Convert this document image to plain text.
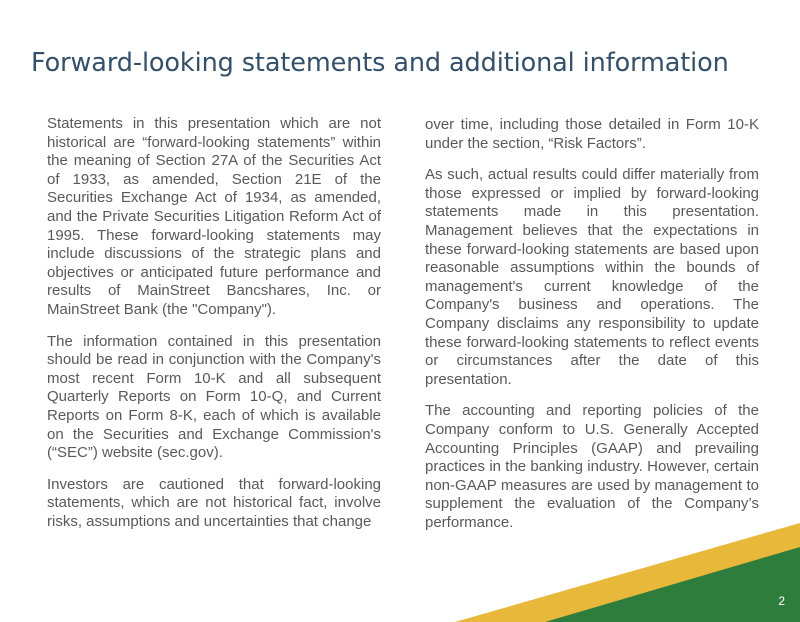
Forward-looking statements and additional information

Statements in this presentation which are not historical are “forward-looking statements” within the meaning of Section 27A of the Securities Act of 1933, as amended, Section 21E of the Securities Exchange Act of 1934, as amended, and the Private Securities Litigation Reform Act of 1995. These forward-looking statements may include discussions of the strategic plans and objectives or anticipated future performance and results of MainStreet Bancshares, Inc. or MainStreet Bank (the "Company").

The information contained in this presentation should be read in conjunction with the Company's most recent Form 10-K and all subsequent Quarterly Reports on Form 10-Q, and Current Reports on Form 8-K, each of which is available on the Securities and Exchange Commission's (“SEC”) website (sec.gov).

Investors are cautioned that forward-looking statements, which are not historical fact, involve risks, assumptions and uncertainties that change

over time, including those detailed in Form 10-K under the section, “Risk Factors”.

As such, actual results could differ materially from those expressed or implied by forward-looking statements made in this presentation. Management believes that the expectations in these forward-looking statements are based upon reasonable assumptions within the bounds of management's current knowledge of the Company's business and operations. The Company disclaims any responsibility to update these forward-looking statements to reflect events or circumstances after the date of this presentation.

The accounting and reporting policies of the Company conform to U.S. Generally Accepted Accounting Principles (GAAP) and prevailing practices in the banking industry. However, certain non-GAAP measures are used by management to supplement the evaluation of the Company’s performance.

2
